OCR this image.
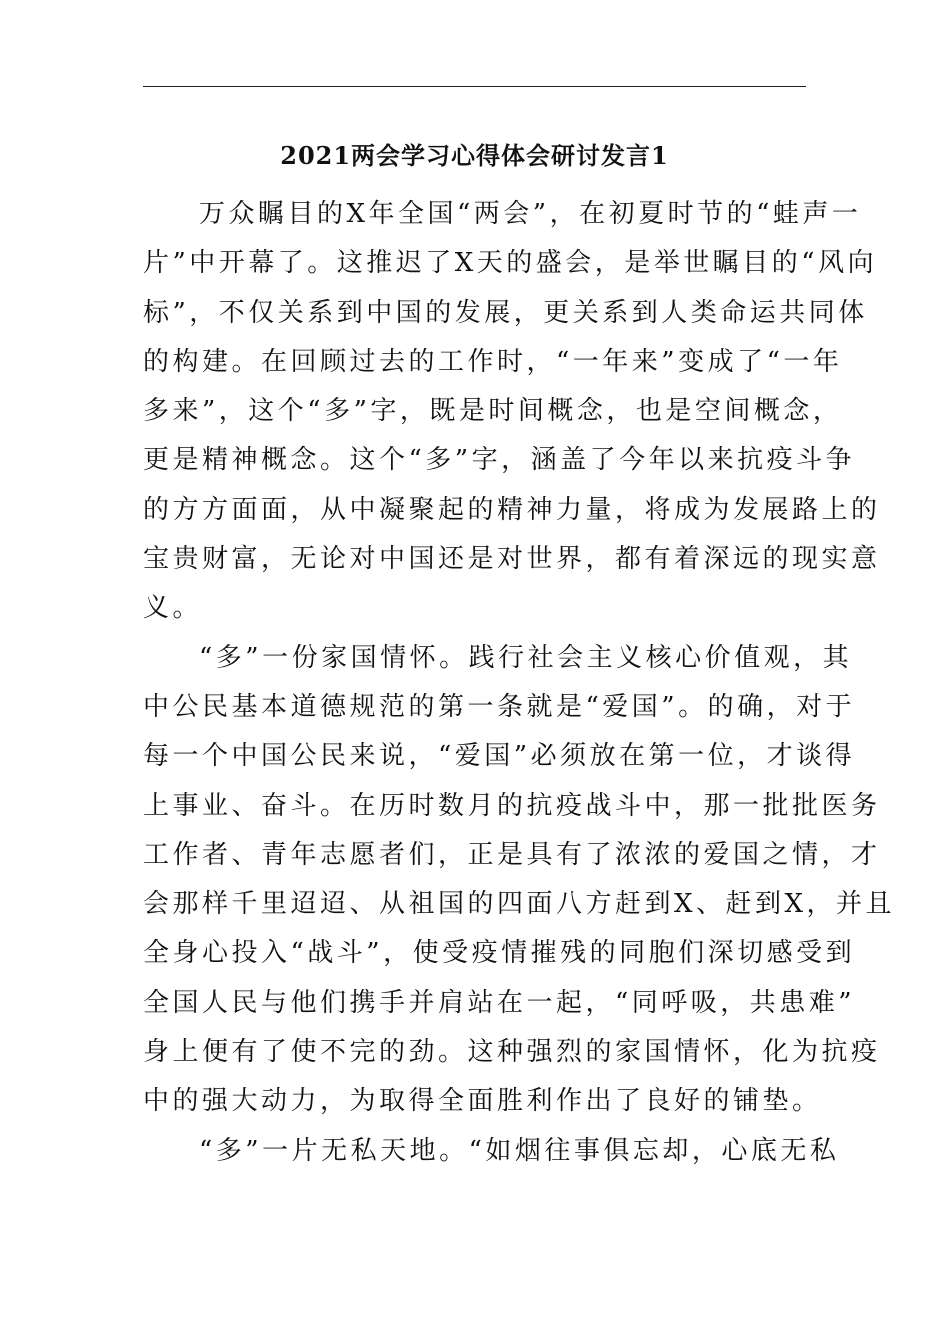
2021两会学习心得体会研讨发言1
万众瞩目的X年全国“两会”，在初夏时节的“蛙声一
片”中开幕了。这推迟了X天的盛会，是举世瞩目的“风向
标”，不仅关系到中国的发展，更关系到人类命运共同体
的构建。在回顾过去的工作时，“一年来”变成了“一年
多来”，这个“多”字，既是时间概念，也是空间概念，
更是精神概念。这个“多”字，涵盖了今年以来抗疫斗争
的方方面面，从中凝聚起的精神力量，将成为发展路上的
宝贵财富，无论对中国还是对世界，都有着深远的现实意
义。
“多”一份家国情怀。践行社会主义核心价值观，其
中公民基本道德规范的第一条就是“爱国”。的确，对于
每一个中国公民来说，“爱国”必须放在第一位，才谈得
上事业、奋斗。在历时数月的抗疫战斗中，那一批批医务
工作者、青年志愿者们，正是具有了浓浓的爱国之情，才
会那样千里迢迢、从祖国的四面八方赶到X、赶到X，并且
全身心投入“战斗”，使受疫情摧残的同胞们深切感受到
全国人民与他们携手并肩站在一起，“同呼吸，共患难”
身上便有了使不完的劲。这种强烈的家国情怀，化为抗疫
中的强大动力，为取得全面胜利作出了良好的铺垫。
“多”一片无私天地。“如烟往事俱忘却，心底无私
